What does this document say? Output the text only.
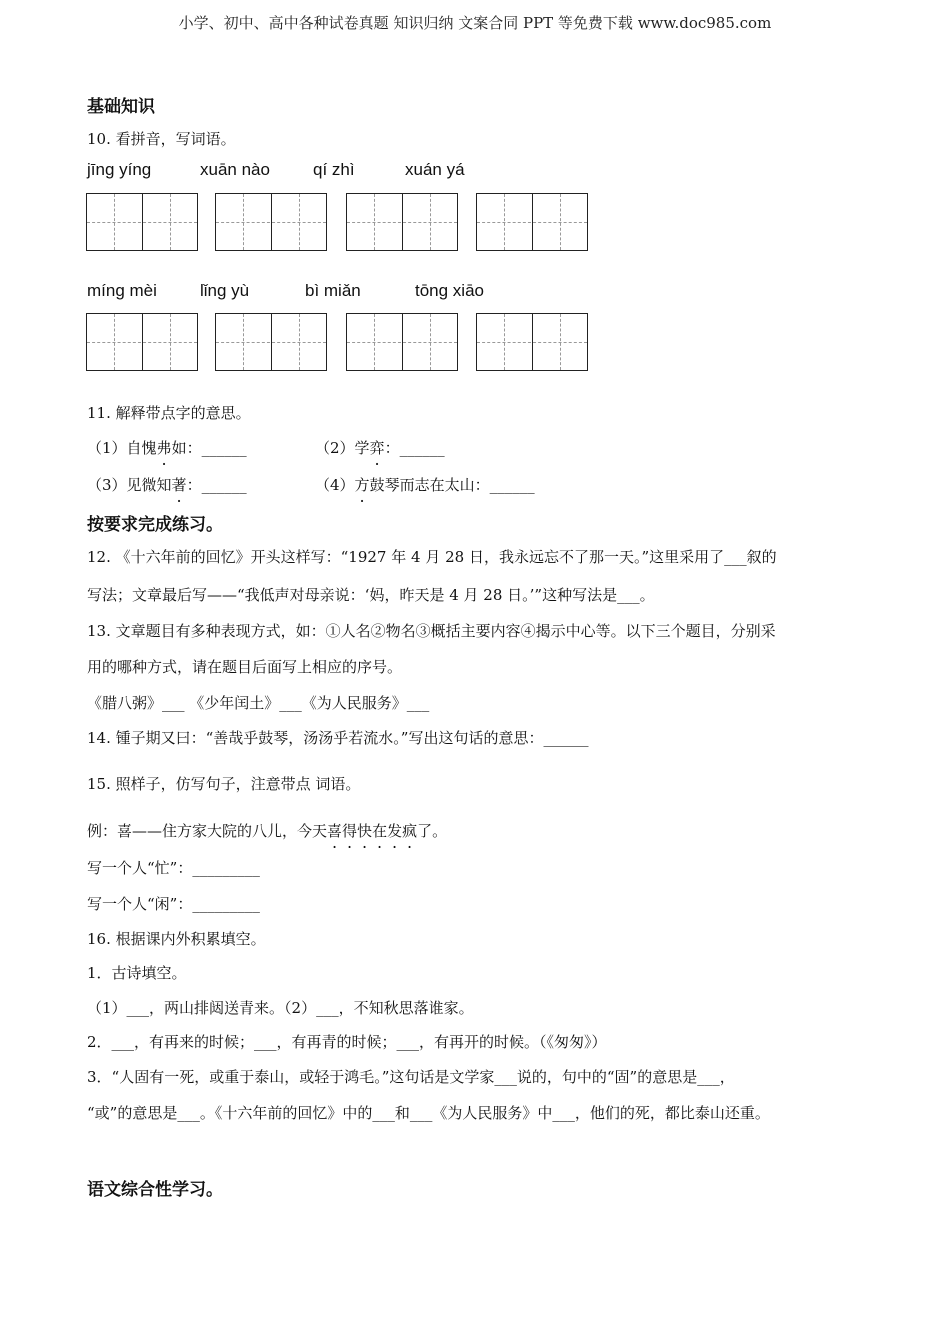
小学、初中、高中各种试卷真题 知识归纳 文案合同 PPT 等免费下载 www.doc985.com
基础知识
10. 看拼音，写词语。
jīng yíng	xuān nào	qí zhì	xuán yá
míng mèi	lǐng yù	bì miǎn	tōng xiāo
11. 解释带点字的意思。
（1）自愧弗如：______	（2）学弈：______
（3）见微知著：______	（4）方鼓琴而志在太山：______
按要求完成练习。
12. 《十六年前的回忆》开头这样写：“1927 年 4 月 28 日，我永远忘不了那一天。”这里采用了___叙的
写法；文章最后写——“我低声对母亲说：‘妈，昨天是 4 月 28 日。’”这种写法是___。
13. 文章题目有多种表现方式，如：①人名②物名③概括主要内容④揭示中心等。以下三个题目，分别采
用的哪种方式，请在题目后面写上相应的序号。
《腊八粥》___ 《少年闰土》___《为人民服务》___
14. 锺子期又曰：“善哉乎鼓琴，汤汤乎若流水。”写出这句话的意思：______
15. 照样子，仿写句子，注意带点 词语。
例：喜——住方家大院的八儿，今天喜得快在发疯了。
写一个人“忙”：_________
写一个人“闲”：_________
16. 根据课内外积累填空。
1．古诗填空。
（1）___，两山排闼送青来。（2）___，不知秋思落谁家。
2．___，有再来的时候；___，有再青的时候；___，有再开的时候。（《匆匆》）
3．“人固有一死，或重于泰山，或轻于鸿毛。”这句话是文学家___说的，句中的“固”的意思是___，
“或”的意思是___。《十六年前的回忆》中的___和___《为人民服务》中___，他们的死，都比泰山还重。
语文综合性学习。
